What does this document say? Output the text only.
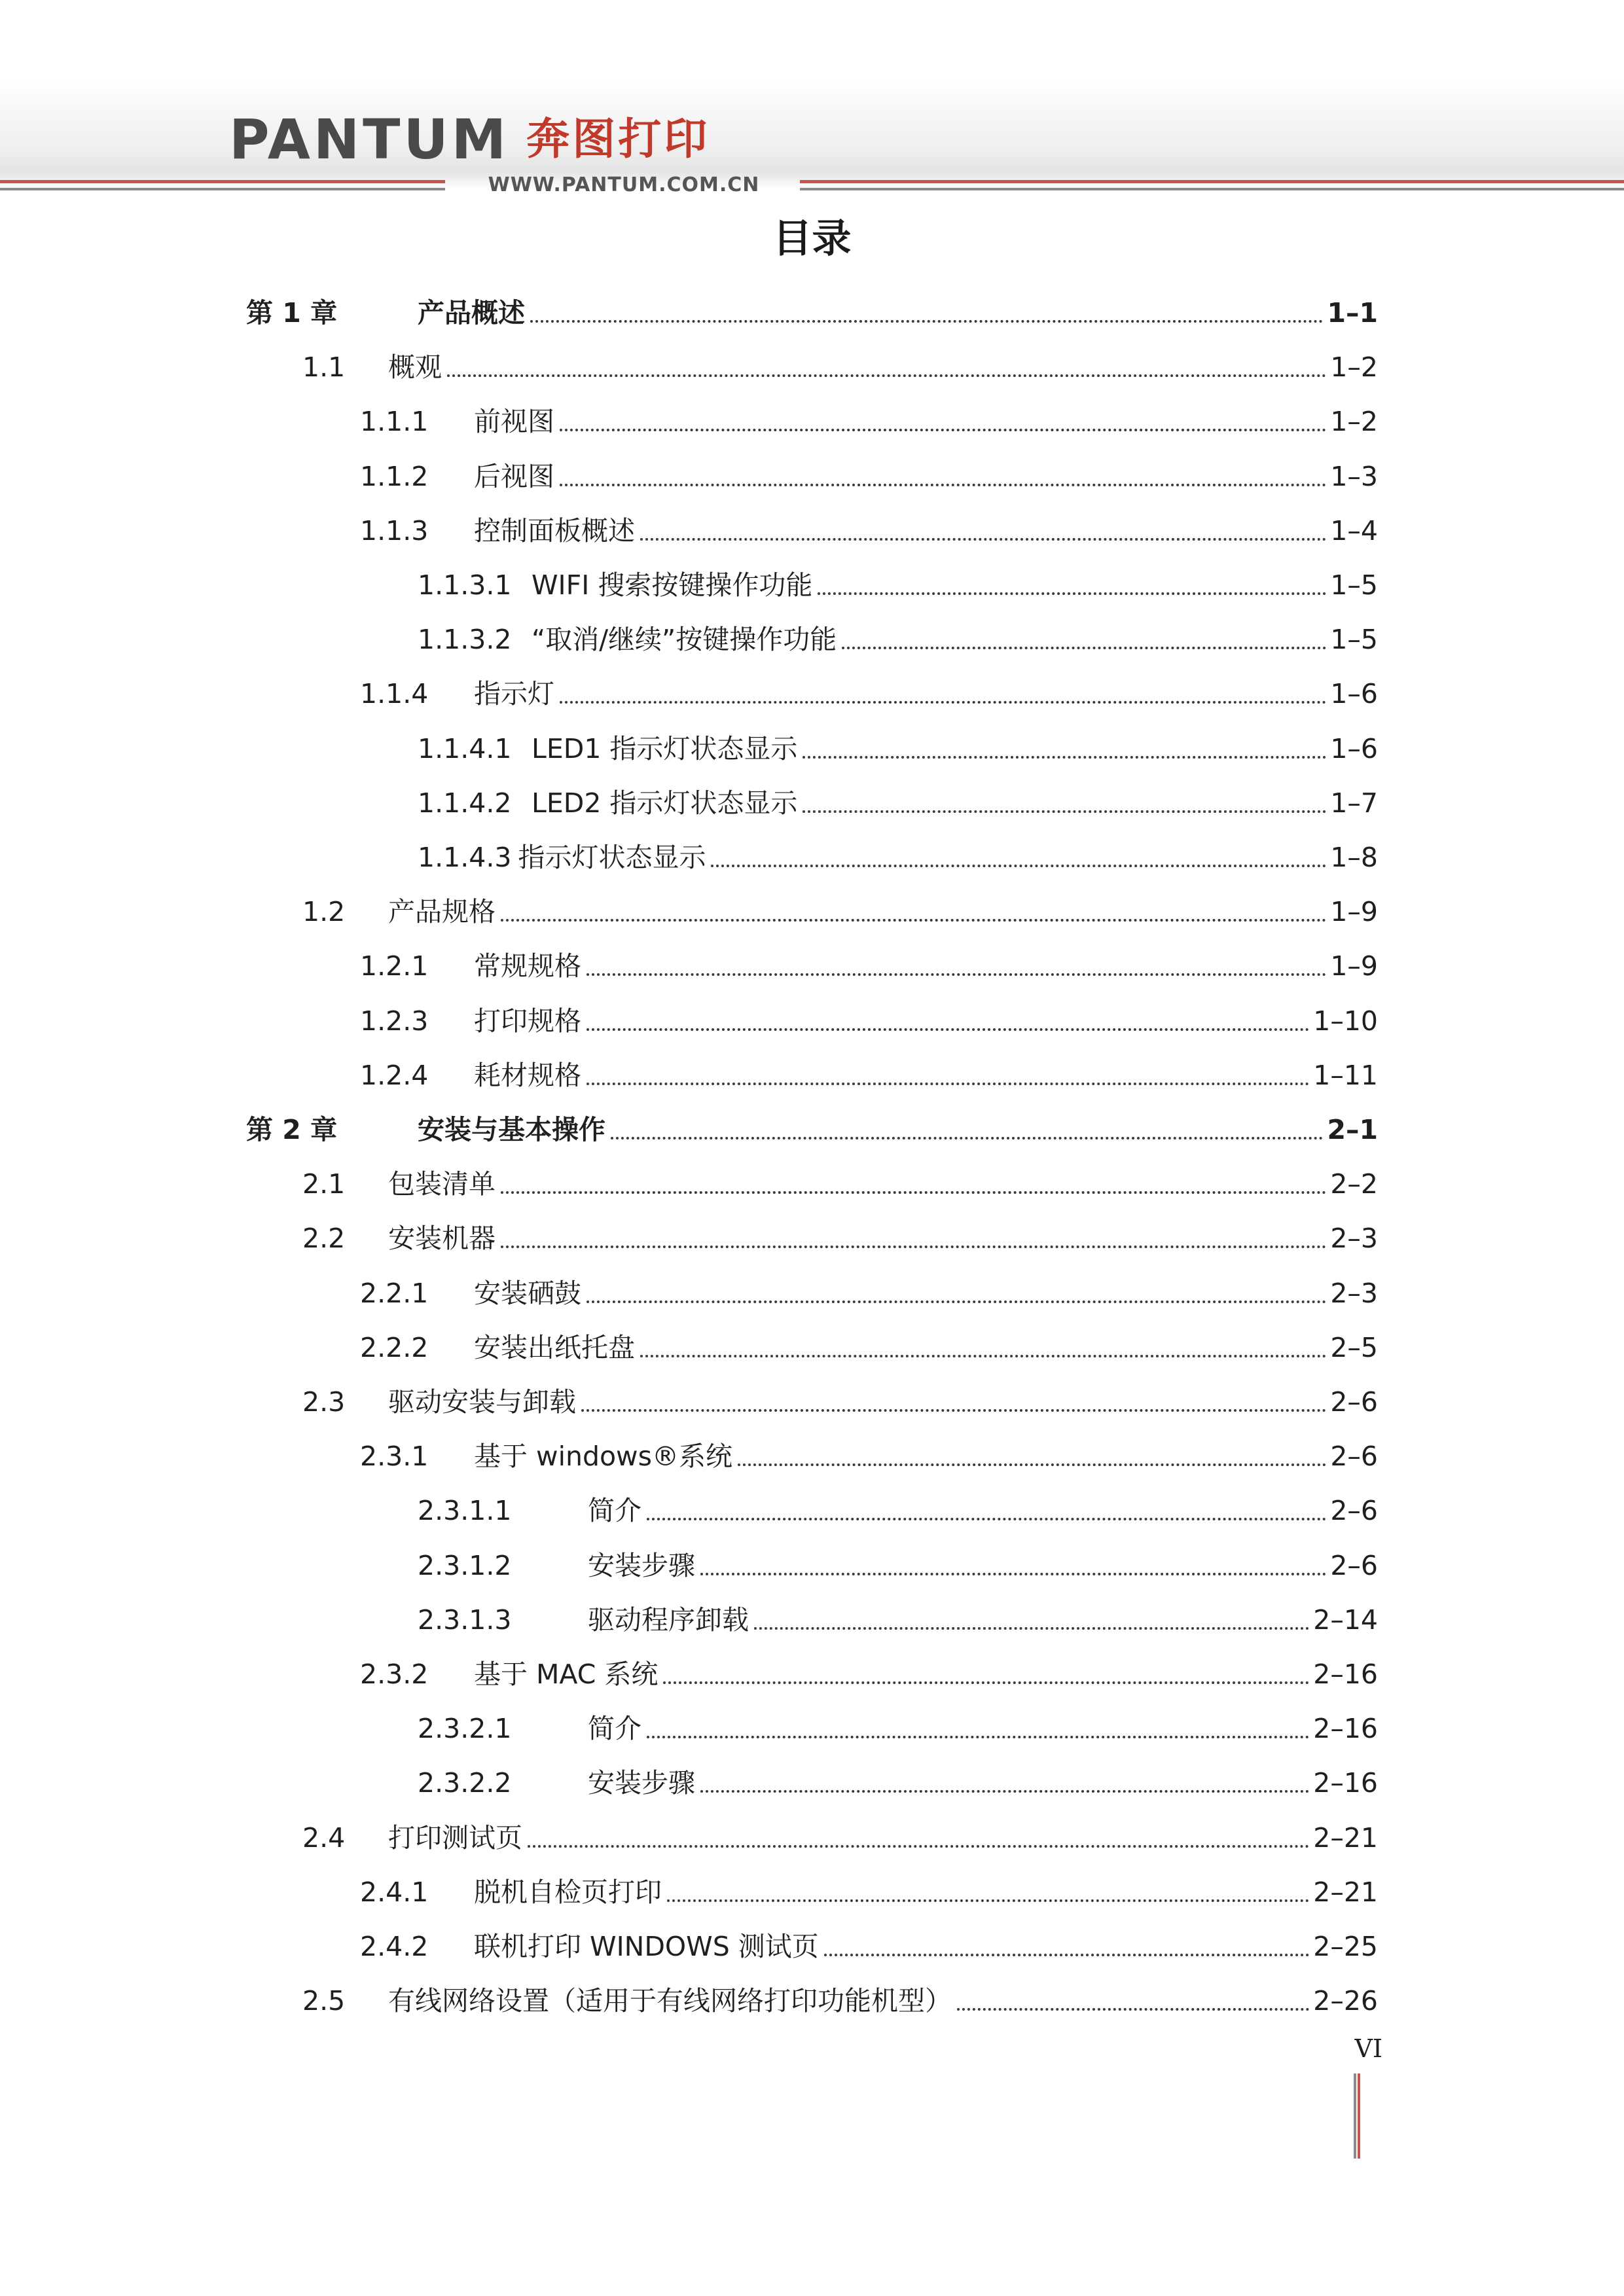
PANTUM 奔图打印
WWW.PANTUM.COM.CN
目录
第 1 章	产品概述	1–1
1.1	概观	1–2
1.1.1	前视图	1–2
1.1.2	后视图	1–3
1.1.3	控制面板概述	1–4
1.1.3.1 WIFI 搜索按键操作功能	1–5
1.1.3.2 “取消/继续”按键操作功能	1–5
1.1.4	指示灯	1–6
1.1.4.1 LED1 指示灯状态显示	1–6
1.1.4.2 LED2 指示灯状态显示	1–7
1.1.4.3 指示灯状态显示	1–8
1.2	产品规格	1–9
1.2.1	常规规格	1–9
1.2.3	打印规格	1–10
1.2.4	耗材规格	1–11
第 2 章	安装与基本操作	2–1
2.1	包装清单	2–2
2.2	安装机器	2–3
2.2.1	安装硒鼓	2–3
2.2.2	安装出纸托盘	2–5
2.3	驱动安装与卸载	2–6
2.3.1	基于 windows®系统	2–6
2.3.1.1	简介	2–6
2.3.1.2	安装步骤	2–6
2.3.1.3	驱动程序卸载	2–14
2.3.2	基于 MAC 系统	2–16
2.3.2.1	简介	2–16
2.3.2.2	安装步骤	2–16
2.4	打印测试页	2–21
2.4.1	脱机自检页打印	2–21
2.4.2	联机打印 WINDOWS 测试页	2–25
2.5	有线网络设置（适用于有线网络打印功能机型）	2–26
VI
